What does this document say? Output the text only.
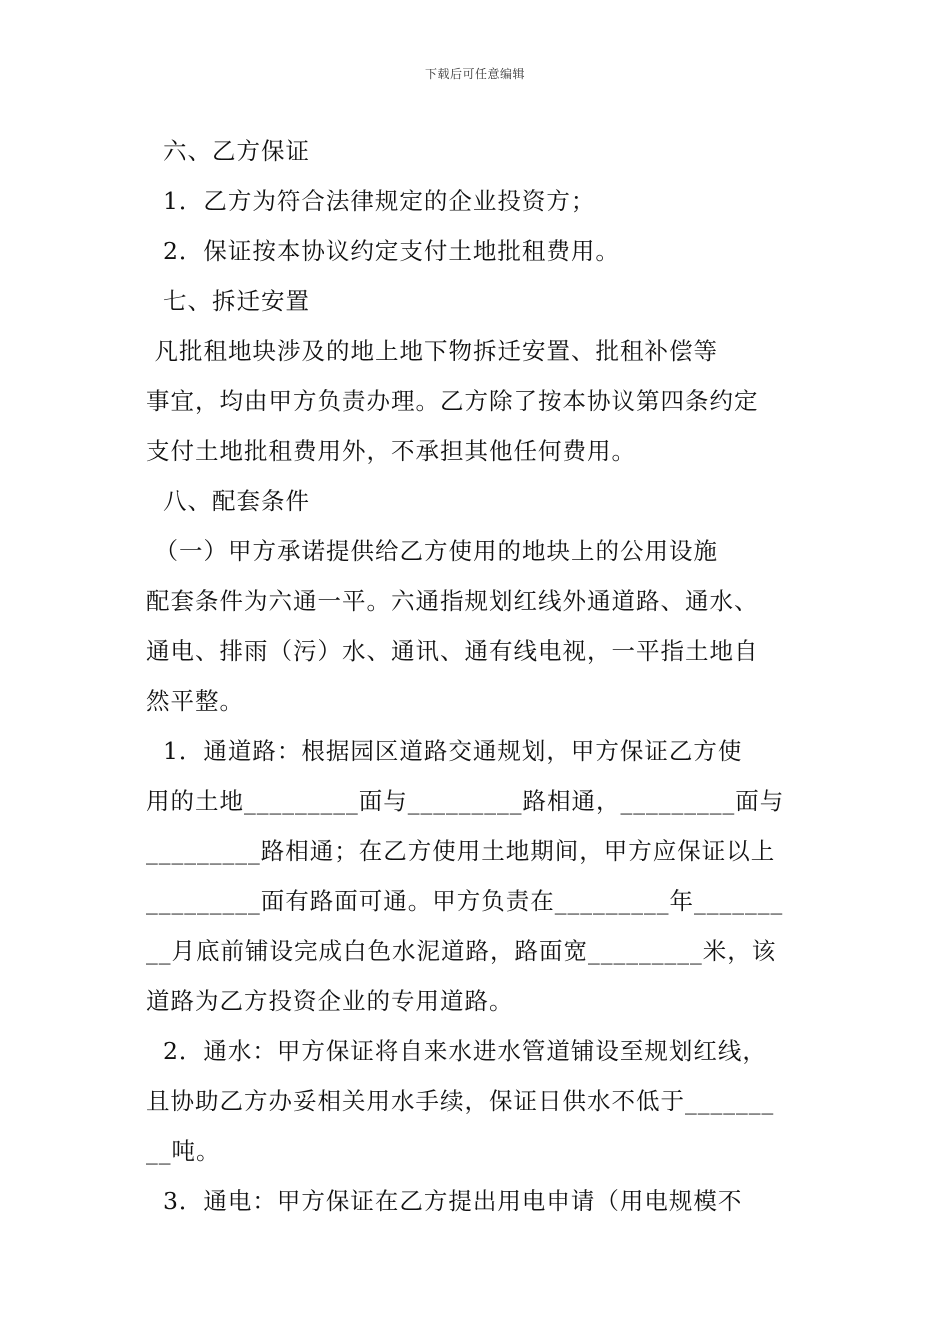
下载后可任意编辑
六、乙方保证
1．乙方为符合法律规定的企业投资方；
2．保证按本协议约定支付土地批租费用。
七、拆迁安置
凡批租地块涉及的地上地下物拆迁安置、批租补偿等
事宜，均由甲方负责办理。乙方除了按本协议第四条约定
支付土地批租费用外，不承担其他任何费用。
八、配套条件
（一）甲方承诺提供给乙方使用的地块上的公用设施
配套条件为六通一平。六通指规划红线外通道路、通水、
通电、排雨（污）水、通讯、通有线电视，一平指土地自
然平整。
1．通道路：根据园区道路交通规划，甲方保证乙方使
用的土地_________面与_________路相通，_________面与
_________路相通；在乙方使用土地期间，甲方应保证以上
_________面有路面可通。甲方负责在_________年_______
__月底前铺设完成白色水泥道路，路面宽_________米，该
道路为乙方投资企业的专用道路。
2．通水：甲方保证将自来水进水管道铺设至规划红线，
且协助乙方办妥相关用水手续，保证日供水不低于_______
__吨。
3．通电：甲方保证在乙方提出用电申请（用电规模不
